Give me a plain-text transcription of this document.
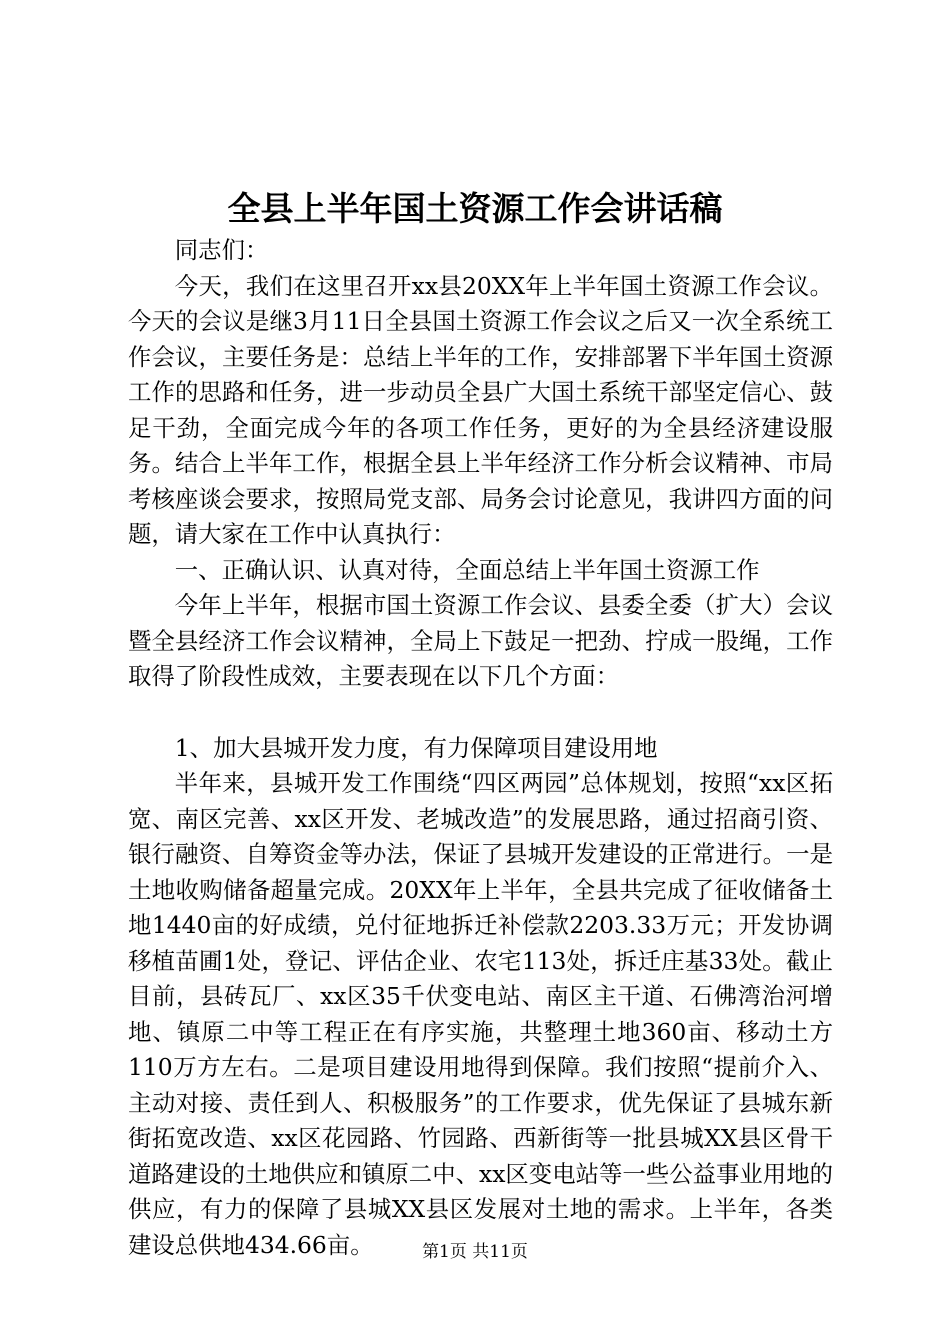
全县上半年国土资源工作会讲话稿

同志们：

今天，我们在这里召开xx县20XX年上半年国土资源工作会议。今天的会议是继3月11日全县国土资源工作会议之后又一次全系统工作会议，主要任务是：总结上半年的工作，安排部署下半年国土资源工作的思路和任务，进一步动员全县广大国土系统干部坚定信心、鼓足干劲，全面完成今年的各项工作任务，更好的为全县经济建设服务。结合上半年工作，根据全县上半年经济工作分析会议精神、市局考核座谈会要求，按照局党支部、局务会讨论意见，我讲四方面的问题，请大家在工作中认真执行：

一、正确认识、认真对待，全面总结上半年国土资源工作

今年上半年，根据市国土资源工作会议、县委全委（扩大）会议暨全县经济工作会议精神，全局上下鼓足一把劲、拧成一股绳，工作取得了阶段性成效，主要表现在以下几个方面：

1、加大县城开发力度，有力保障项目建设用地

半年来，县城开发工作围绕“四区两园”总体规划，按照“xx区拓宽、南区完善、xx区开发、老城改造”的发展思路，通过招商引资、银行融资、自筹资金等办法，保证了县城开发建设的正常进行。一是土地收购储备超量完成。20XX年上半年，全县共完成了征收储备土地1440亩的好成绩，兑付征地拆迁补偿款2203.33万元；开发协调移植苗圃1处，登记、评估企业、农宅113处，拆迁庄基33处。截止目前，县砖瓦厂、xx区35千伏变电站、南区主干道、石佛湾治河增地、镇原二中等工程正在有序实施，共整理土地360亩、移动土方110万方左右。二是项目建设用地得到保障。我们按照“提前介入、主动对接、责任到人、积极服务”的工作要求，优先保证了县城东新街拓宽改造、xx区花园路、竹园路、西新街等一批县城XX县区骨干道路建设的土地供应和镇原二中、xx区变电站等一些公益事业用地的供应，有力的保障了县城XX县区发展对土地的需求。上半年，各类建设总供地434.66亩。	第1页 共11页
